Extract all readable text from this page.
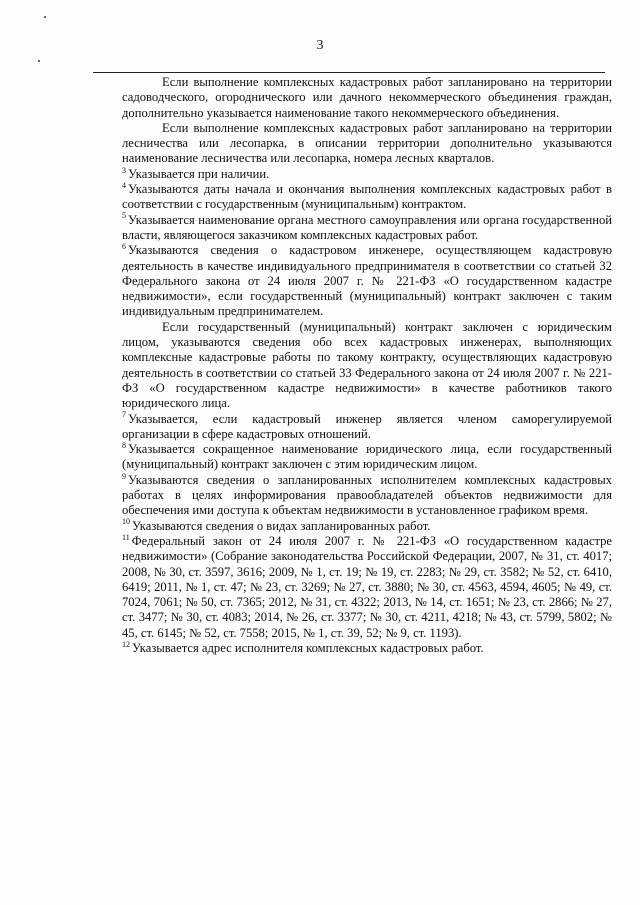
3

Если выполнение комплексных кадастровых работ запланировано на территории садоводческого, огороднического или дачного некоммерческого объединения граждан, дополнительно указывается наименование такого некоммерческого объединения.

Если выполнение комплексных кадастровых работ запланировано на территории лесничества или лесопарка, в описании территории дополнительно указываются наименование лесничества или лесопарка, номера лесных кварталов.

$^3$ Указывается при наличии.

$^4$ Указываются даты начала и окончания выполнения комплексных кадастровых работ в соответствии с государственным (муниципальным) контрактом.

$^5$ Указывается наименование органа местного самоуправления или органа государственной власти, являющегося заказчиком комплексных кадастровых работ.

$^6$ Указываются сведения о кадастровом инженере, осуществляющем кадастровую деятельность в качестве индивидуального предпринимателя в соответствии со статьей 32 Федерального закона от 24 июля 2007 г. № 221-ФЗ «О государственном кадастре недвижимости», если государственный (муниципальный) контракт заключен с таким индивидуальным предпринимателем.

Если государственный (муниципальный) контракт заключен с юридическим лицом, указываются сведения обо всех кадастровых инженерах, выполняющих комплексные кадастровые работы по такому контракту, осуществляющих кадастровую деятельность в соответствии со статьей 33 Федерального закона от 24 июля 2007 г. № 221-ФЗ «О государственном кадастре недвижимости» в качестве работников такого юридического лица.

$^7$ Указывается, если кадастровый инженер является членом саморегулируемой организации в сфере кадастровых отношений.

$^8$ Указывается сокращенное наименование юридического лица, если государственный (муниципальный) контракт заключен с этим юридическим лицом.

$^9$ Указываются сведения о запланированных исполнителем комплексных кадастровых работах в целях информирования правообладателей объектов недвижимости для обеспечения ими доступа к объектам недвижимости в установленное графиком время.

$^{10}$ Указываются сведения о видах запланированных работ.

$^{11}$ Федеральный закон от 24 июля 2007 г. № 221-ФЗ «О государственном кадастре недвижимости» (Собрание законодательства Российской Федерации, 2007, № 31, ст. 4017; 2008, № 30, ст. 3597, 3616; 2009, № 1, ст. 19; № 19, ст. 2283; № 29, ст. 3582; № 52, ст. 6410, 6419; 2011, № 1, ст. 47; № 23, ст. 3269; № 27, ст. 3880; № 30, ст. 4563, 4594, 4605; № 49, ст. 7024, 7061; № 50, ст. 7365; 2012, № 31, ст. 4322; 2013, № 14, ст. 1651; № 23, ст. 2866; № 27, ст. 3477; № 30, ст. 4083; 2014, № 26, ст. 3377; № 30, ст. 4211, 4218; № 43, ст. 5799, 5802; № 45, ст. 6145; № 52, ст. 7558; 2015, № 1, ст. 39, 52; № 9, ст. 1193).

$^{12}$ Указывается адрес исполнителя комплексных кадастровых работ.
